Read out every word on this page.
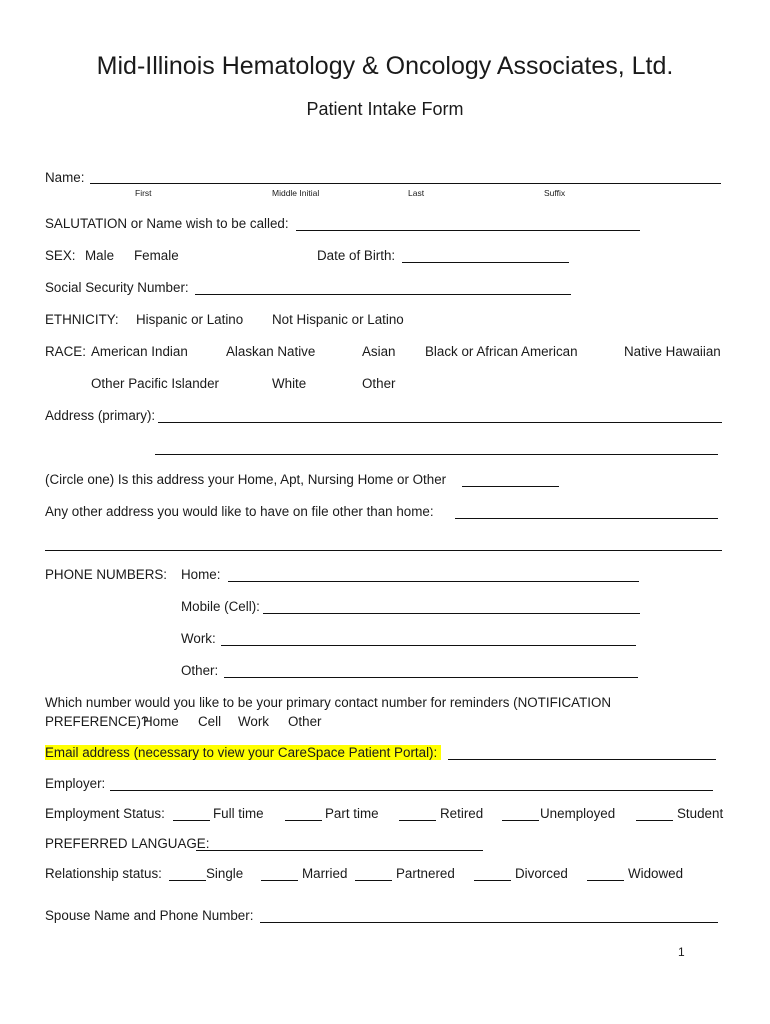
Mid-Illinois Hematology & Oncology Associates, Ltd.
Patient Intake Form
Name:
First	Middle Initial	Last	Suffix
SALUTATION or Name wish to be called:
SEX: Male Female	Date of Birth:
Social Security Number:
ETHNICITY: Hispanic or Latino Not Hispanic or Latino
RACE: American Indian	Alaskan Native	Asian Black or African American	Native Hawaiian
Other Pacific Islander	White	Other
Address (primary):
(Circle one) Is this address your Home, Apt, Nursing Home or Other
Any other address you would like to have on file other than home:
PHONE NUMBERS: Home:
Mobile (Cell):
Work:
Other:
Which number would you like to be your primary contact number for reminders (NOTIFICATION
PREFERENCE)?
Home Cell Work Other
Email address (necessary to view your CareSpace Patient Portal):
Employer:
Employment Status:	Full time	Part time	Retired	Unemployed	Student
PREFERRED LANGUAGE:
Relationship status:	Single	Married	Partnered	Divorced	Widowed
Spouse Name and Phone Number:
1
